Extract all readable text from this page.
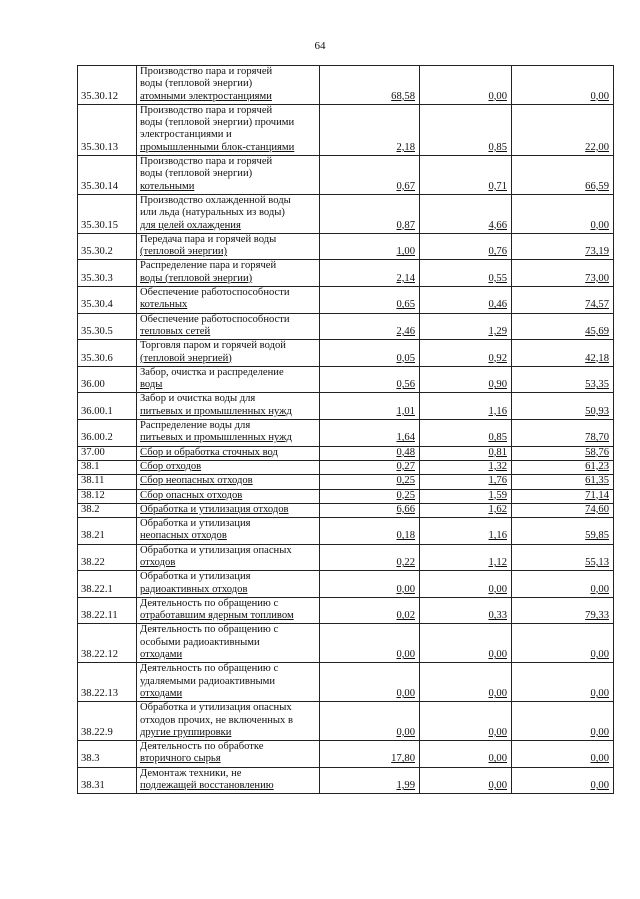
64
35.30.12	Производство пара и горячей
воды (тепловой энергии)
атомными электростанциями	68,58	0,00	0,00
35.30.13	Производство пара и горячей
воды (тепловой энергии) прочими
электростанциями и
промышленными блок-станциями	2,18	0,85	22,00
35.30.14	Производство пара и горячей
воды (тепловой энергии)
котельными	0,67	0,71	66,59
35.30.15	Производство охлажденной воды
или льда (натуральных из воды)
для целей охлаждения	0,87	4,66	0,00
35.30.2	Передача пара и горячей воды
(тепловой энергии)	1,00	0,76	73,19
35.30.3	Распределение пара и горячей
воды (тепловой энергии)	2,14	0,55	73,00
35.30.4	Обеспечение работоспособности
котельных	0,65	0,46	74,57
35.30.5	Обеспечение работоспособности
тепловых сетей	2,46	1,29	45,69
35.30.6	Торговля паром и горячей водой
(тепловой энергией)	0,05	0,92	42,18
36.00	Забор, очистка и распределение
воды	0,56	0,90	53,35
36.00.1	Забор и очистка воды для
питьевых и промышленных нужд	1,01	1,16	50,93
36.00.2	Распределение воды для
питьевых и промышленных нужд	1,64	0,85	78,70
37.00	Сбор и обработка сточных вод	0,48	0,81	58,76
38.1	Сбор отходов	0,27	1,32	61,23
38.11	Сбор неопасных отходов	0,25	1,76	61,35
38.12	Сбор опасных отходов	0,25	1,59	71,14
38.2	Обработка и утилизация отходов	6,66	1,62	74,60
38.21	Обработка и утилизация
неопасных отходов	0,18	1,16	59,85
38.22	Обработка и утилизация опасных
отходов	0,22	1,12	55,13
38.22.1	Обработка и утилизация
радиоактивных отходов	0,00	0,00	0,00
38.22.11	Деятельность по обращению с
отработавшим ядерным топливом	0,02	0,33	79,33
38.22.12	Деятельность по обращению с
особыми радиоактивными
отходами	0,00	0,00	0,00
38.22.13	Деятельность по обращению с
удаляемыми радиоактивными
отходами	0,00	0,00	0,00
38.22.9	Обработка и утилизация опасных
отходов прочих, не включенных в
другие группировки	0,00	0,00	0,00
38.3	Деятельность по обработке
вторичного сырья	17,80	0,00	0,00
38.31	Демонтаж техники, не
подлежащей восстановлению	1,99	0,00	0,00
